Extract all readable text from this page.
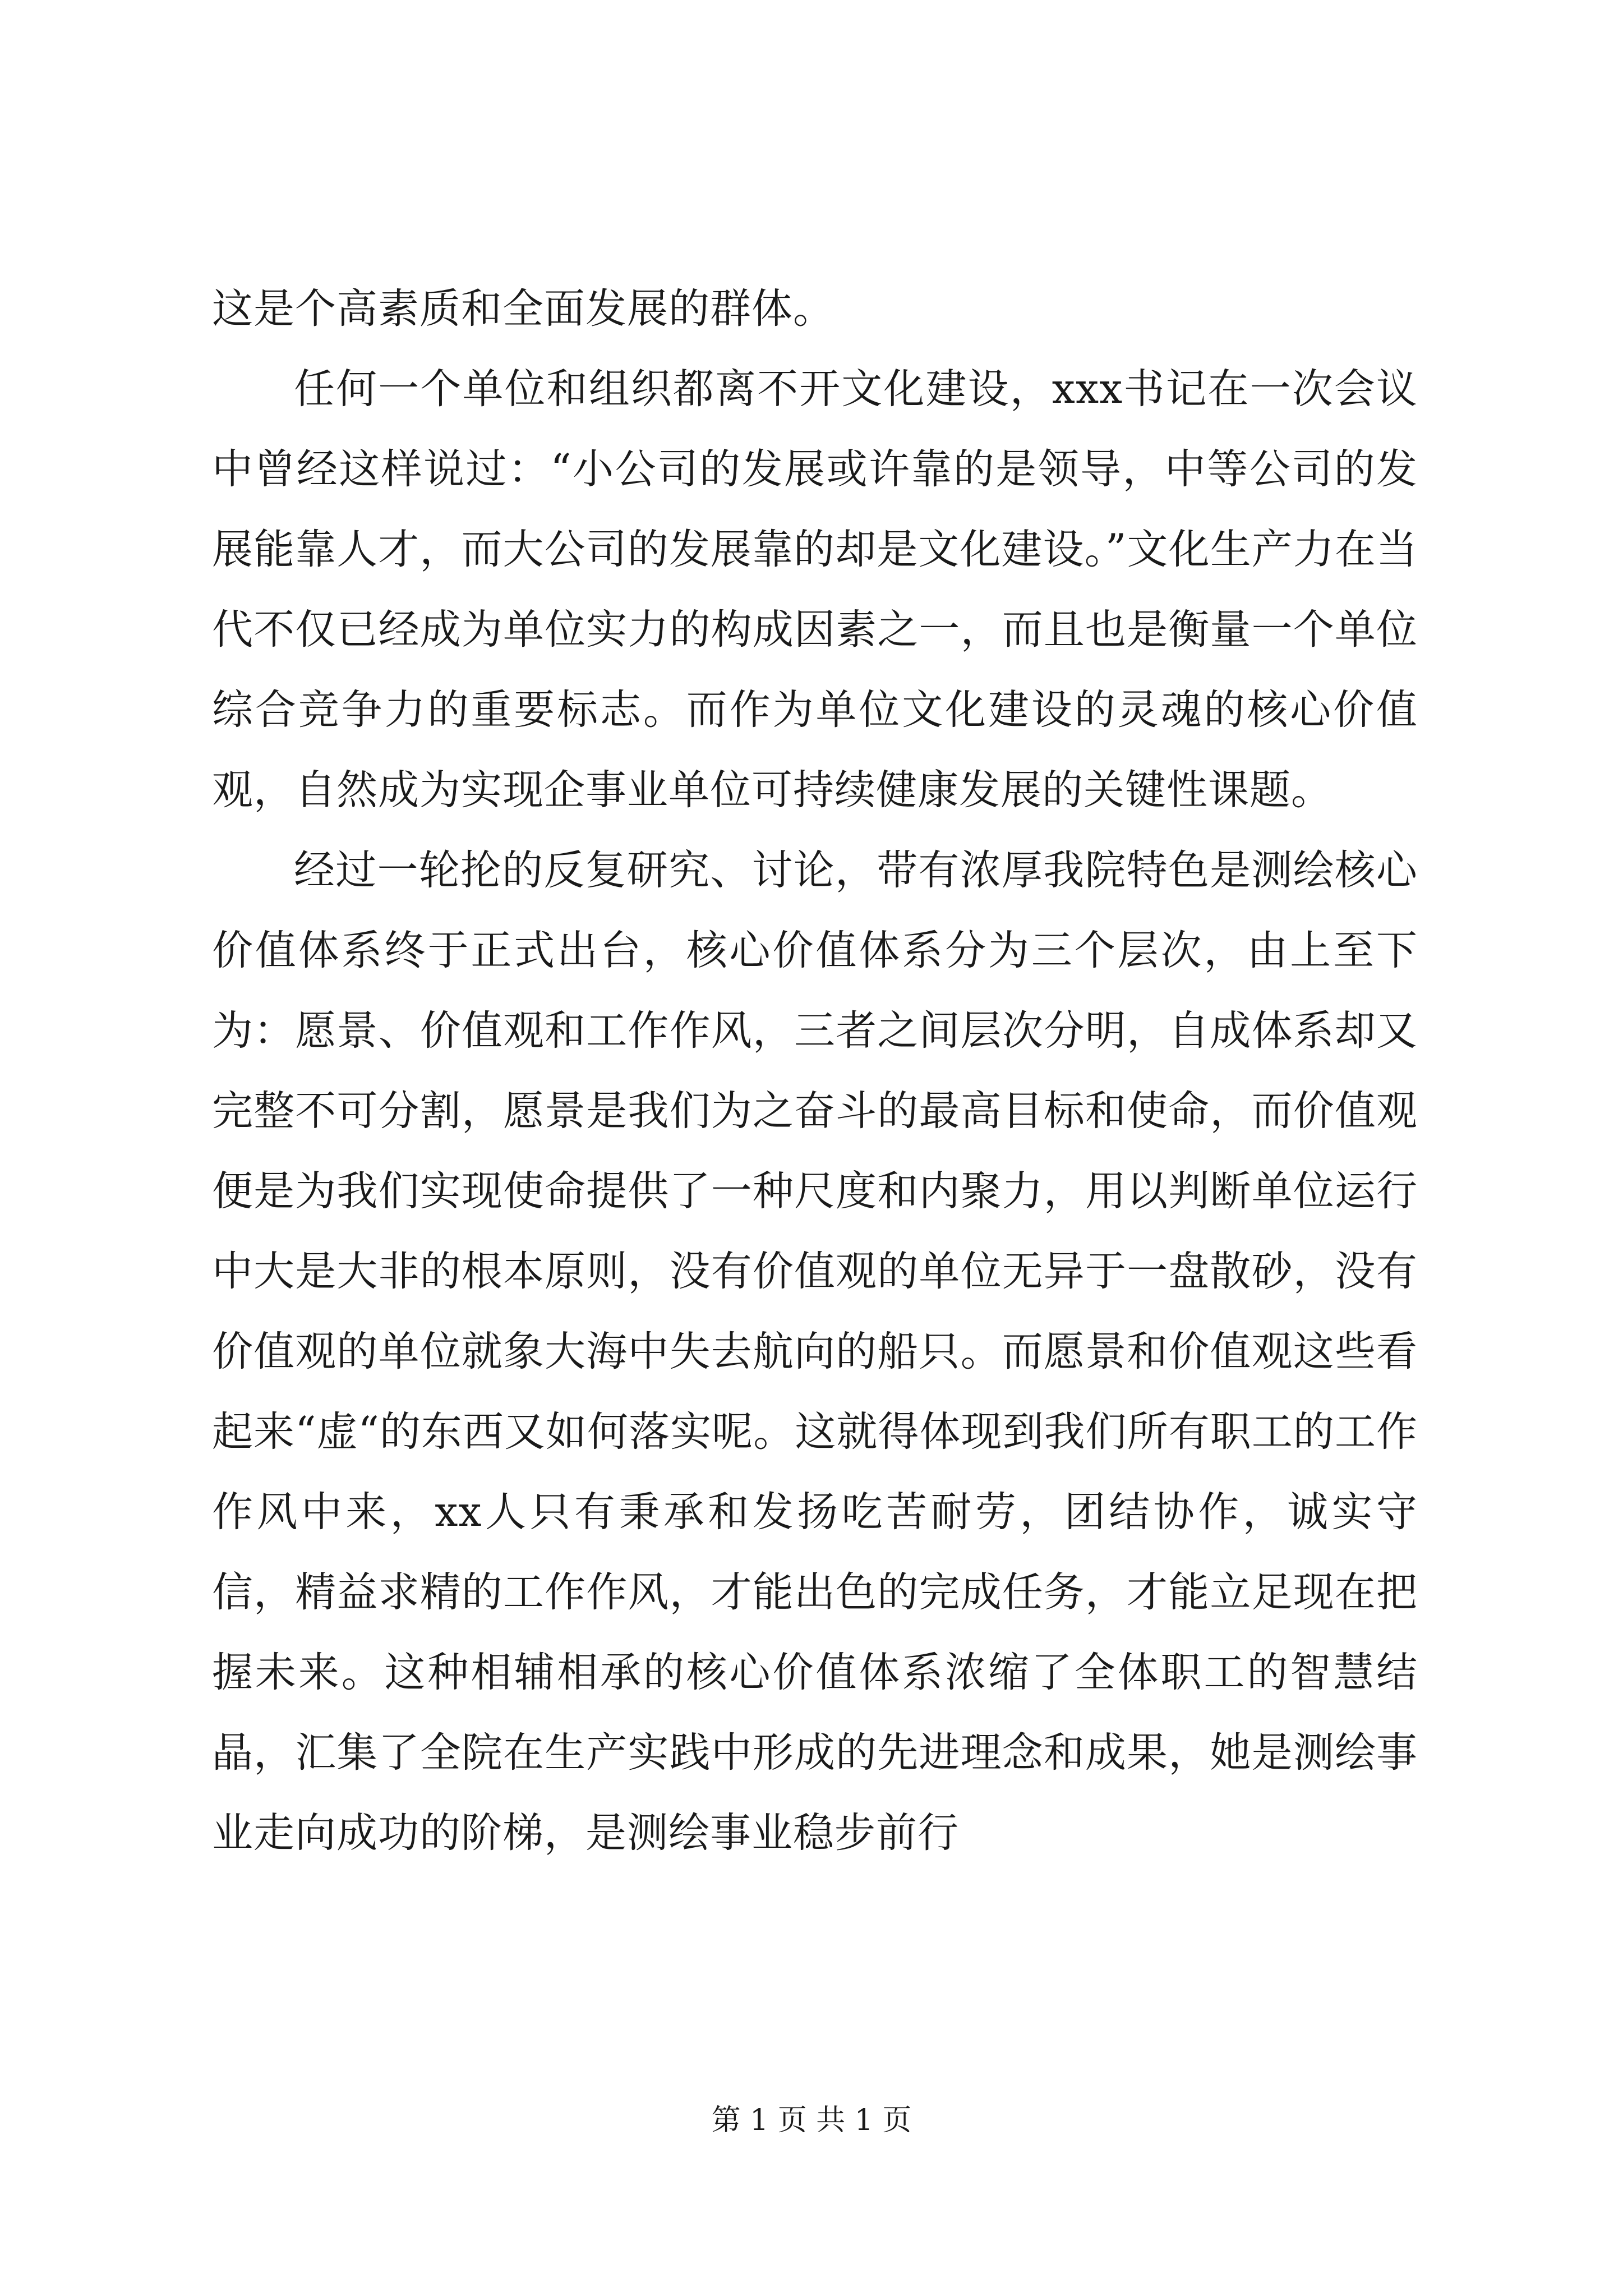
这是个高素质和全面发展的群体。

任何一个单位和组织都离不开文化建设，xxx书记在一次会议中曾经这样说过：“小公司的发展或许靠的是领导，中等公司的发展能靠人才，而大公司的发展靠的却是文化建设。”文化生产力在当代不仅已经成为单位实力的构成因素之一，而且也是衡量一个单位综合竞争力的重要标志。而作为单位文化建设的灵魂的核心价值观，自然成为实现企事业单位可持续健康发展的关键性课题。

经过一轮抡的反复研究、讨论，带有浓厚我院特色是测绘核心价值体系终于正式出台，核心价值体系分为三个层次，由上至下为：愿景、价值观和工作作风，三者之间层次分明，自成体系却又完整不可分割，愿景是我们为之奋斗的最高目标和使命，而价值观便是为我们实现使命提供了一种尺度和内聚力，用以判断单位运行中大是大非的根本原则，没有价值观的单位无异于一盘散砂，没有价值观的单位就象大海中失去航向的船只。而愿景和价值观这些看起来“虚“的东西又如何落实呢。这就得体现到我们所有职工的工作作风中来，xx人只有秉承和发扬吃苦耐劳，团结协作，诚实守信，精益求精的工作作风，才能出色的完成任务，才能立足现在把握未来。这种相辅相承的核心价值体系浓缩了全体职工的智慧结晶，汇集了全院在生产实践中形成的先进理念和成果，她是测绘事业走向成功的阶梯，是测绘事业稳步前行

第 1 页 共 1 页
